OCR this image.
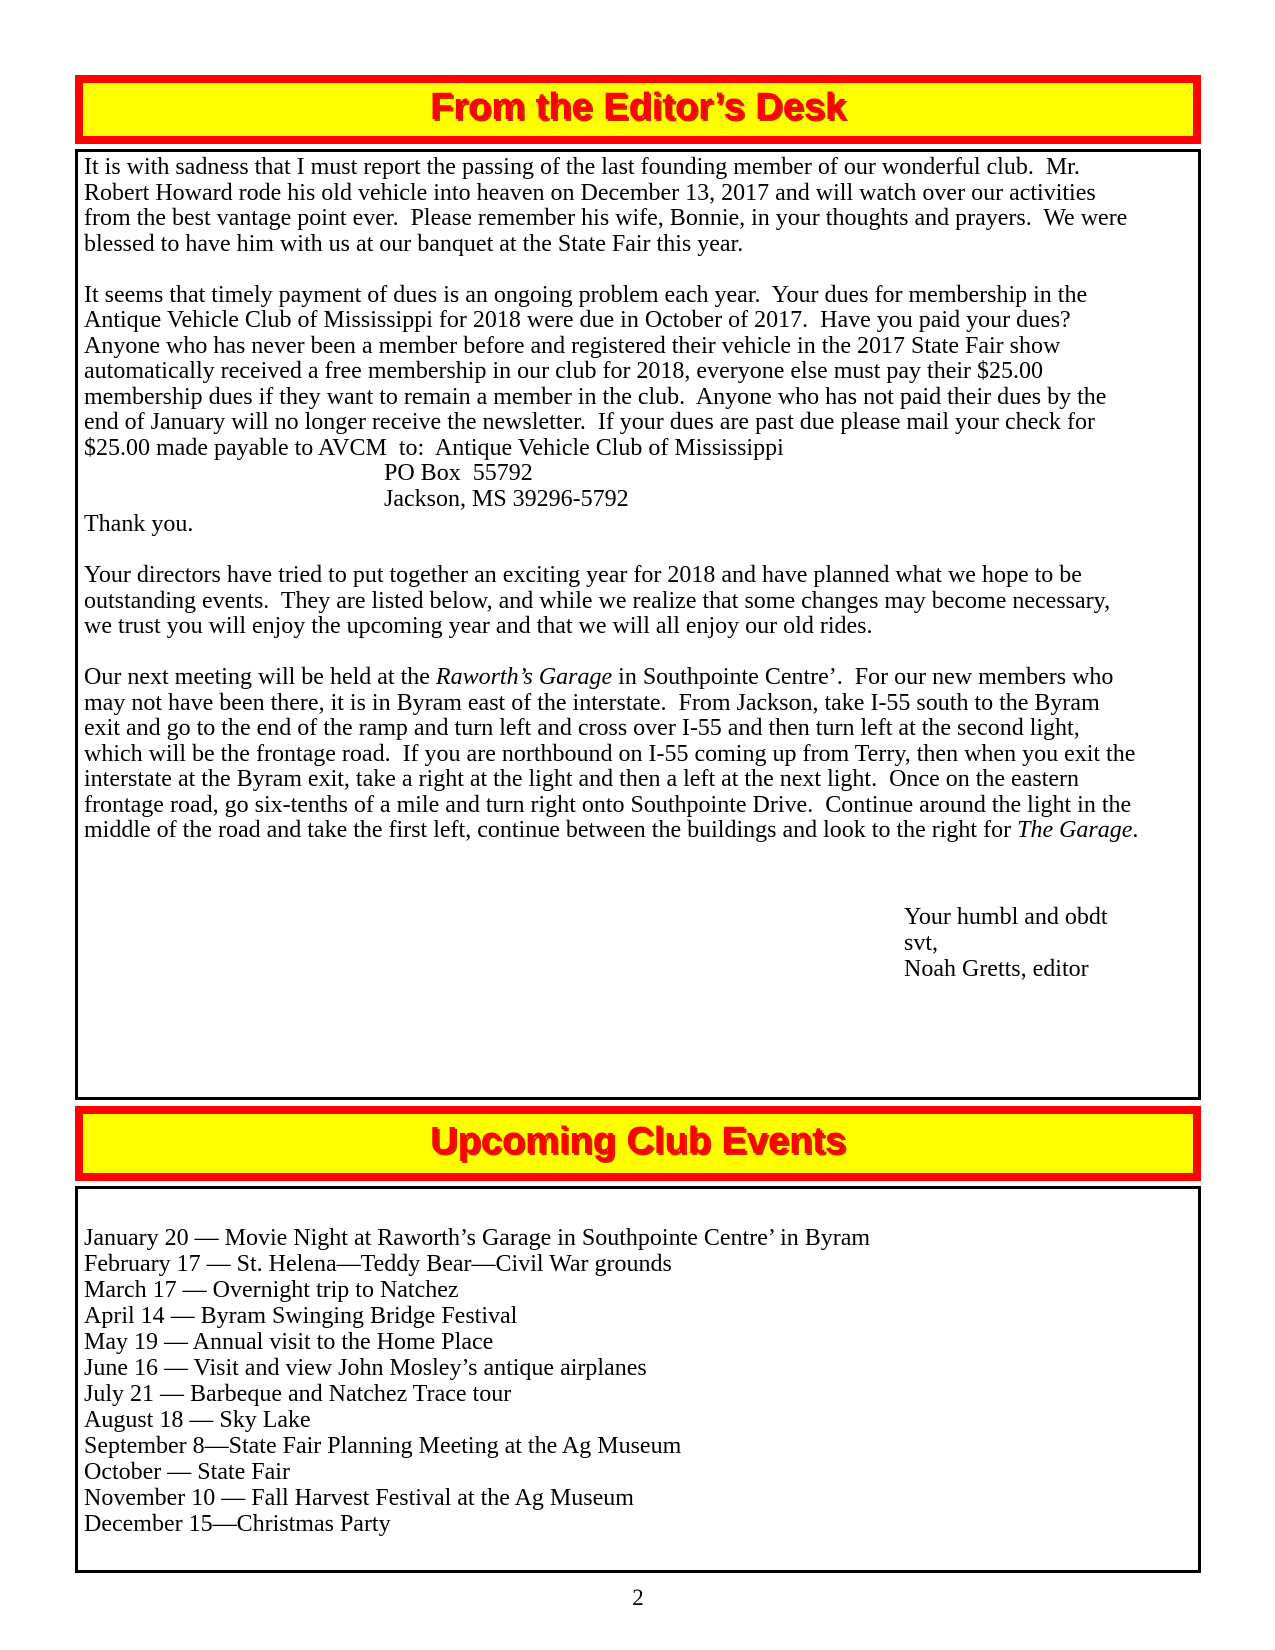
From the Editor’s Desk

It is with sadness that I must report the passing of the last founding member of our wonderful club.  Mr. Robert Howard rode his old vehicle into heaven on December 13, 2017 and will watch over our activities from the best vantage point ever.  Please remember his wife, Bonnie, in your thoughts and prayers.  We were blessed to have him with us at our banquet at the State Fair this year.

It seems that timely payment of dues is an ongoing problem each year.  Your dues for membership in the Antique Vehicle Club of Mississippi for 2018 were due in October of 2017.  Have you paid your dues?  Anyone who has never been a member before and registered their vehicle in the 2017 State Fair show automatically received a free membership in our club for 2018, everyone else must pay their $25.00 membership dues if they want to remain a member in the club.  Anyone who has not paid their dues by the end of January will no longer receive the newsletter.  If your dues are past due please mail your check for $25.00 made payable to AVCM  to:  Antique Vehicle Club of Mississippi

PO Box  55792
Jackson, MS 39296-5792

Thank you.

Your directors have tried to put together an exciting year for 2018 and have planned what we hope to be outstanding events.  They are listed below, and while we realize that some changes may become necessary, we trust you will enjoy the upcoming year and that we will all enjoy our old rides.

Our next meeting will be held at the Raworth’s Garage in Southpointe Centre’.  For our new members who may not have been there, it is in Byram east of the interstate.  From Jackson, take I-55 south to the Byram exit and go to the end of the ramp and turn left and cross over I-55 and then turn left at the second light, which will be the frontage road.  If you are northbound on I-55 coming up from Terry, then when you exit the interstate at the Byram exit, take a right at the light and then a left at the next light.  Once on the eastern frontage road, go six-tenths of a mile and turn right onto Southpointe Drive.  Continue around the light in the middle of the road and take the first left, continue between the buildings and look to the right for The Garage.

Your humbl and obdt svt,
Noah Gretts, editor
Upcoming Club Events
January 20 — Movie Night at Raworth’s Garage in Southpointe Centre’ in Byram
February 17 — St. Helena—Teddy Bear—Civil War grounds
March 17 — Overnight trip to Natchez
April 14 — Byram Swinging Bridge Festival
May 19 — Annual visit to the Home Place
June 16 — Visit and view John Mosley’s antique airplanes
July 21 — Barbeque and Natchez Trace tour
August 18 — Sky Lake
September 8—State Fair Planning Meeting at the Ag Museum
October — State Fair
November 10 — Fall Harvest Festival at the Ag Museum
December 15—Christmas Party
2
